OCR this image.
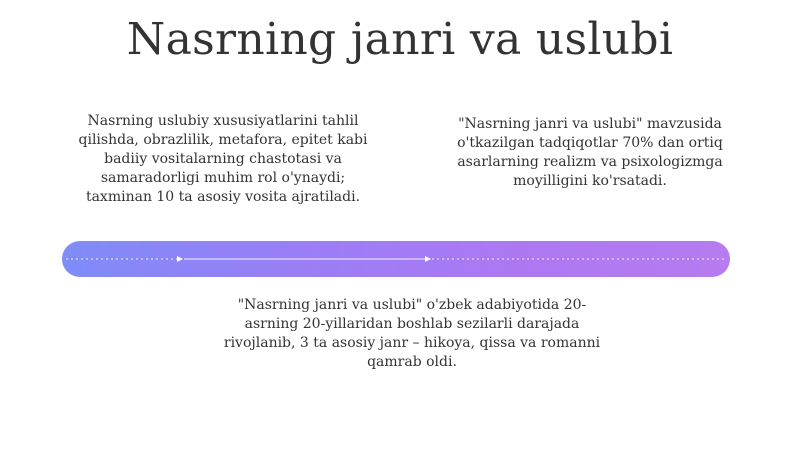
Nasrning janri va uslubi

Nasrning uslubiy xususiyatlarini tahlil qilishda, obrazlilik, metafora, epitet kabi badiiy vositalarning chastotasi va samaradorligi muhim rol o'ynaydi; taxminan 10 ta asosiy vosita ajratiladi.

"Nasrning janri va uslubi" mavzusida o'tkazilgan tadqiqotlar 70% dan ortiq asarlarning realizm va psixologizmga moyilligini ko'rsatadi.

"Nasrning janri va uslubi" o'zbek adabiyotida 20-asrning 20-yillaridan boshlab sezilarli darajada rivojlanib, 3 ta asosiy janr – hikoya, qissa va romanni qamrab oldi.
